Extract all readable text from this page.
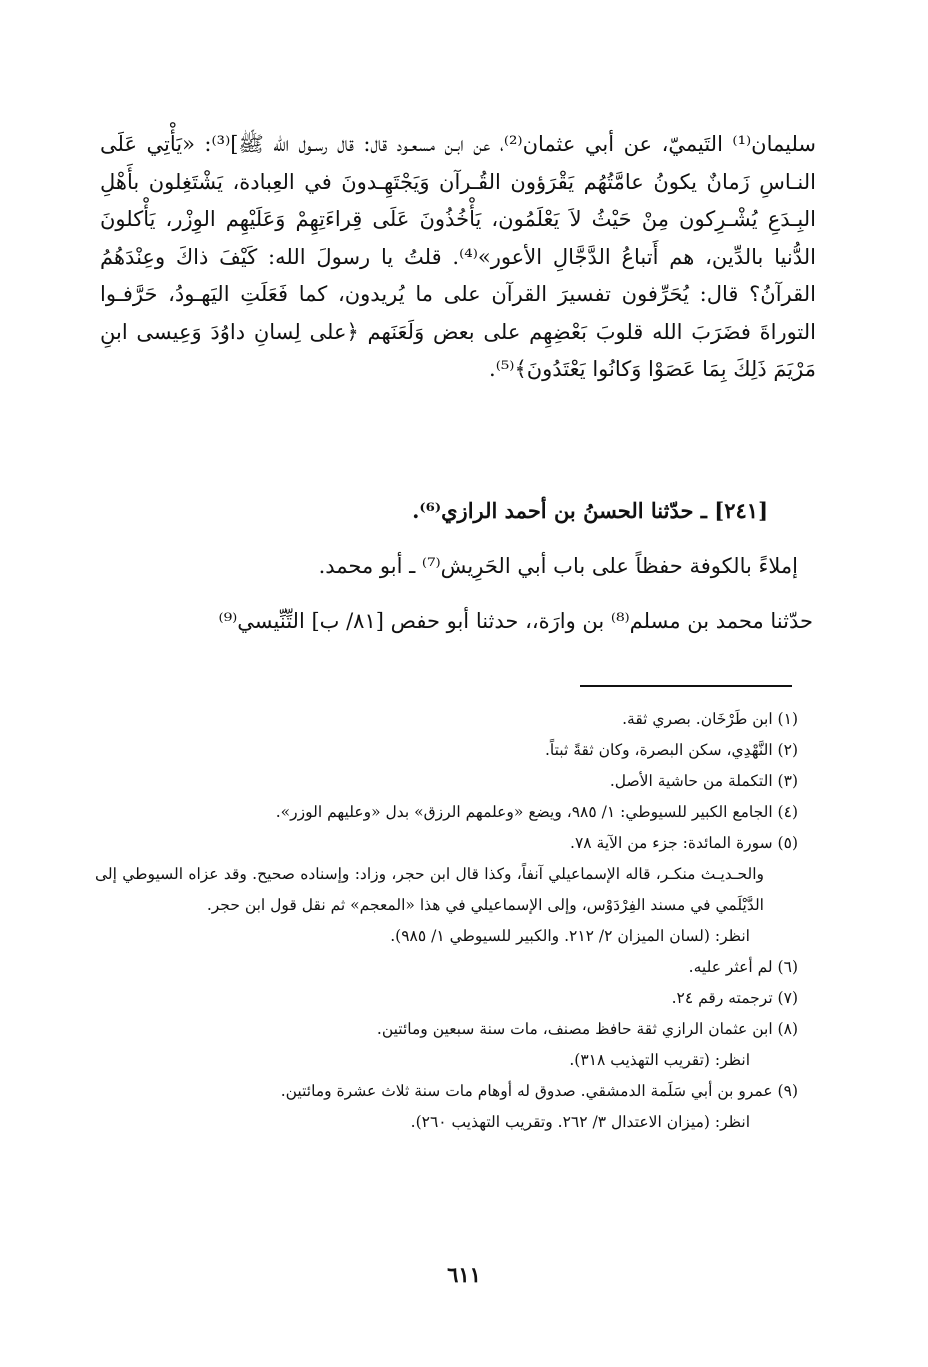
سليمان⁽¹⁾ التَيميّ، عن أبي عثمان⁽²⁾، عن ابـن مسعـود قال: قال رسـول الله ﷺ]⁽³⁾: «يَأْتِي عَلَى النـاسِ زَمانٌ يكونُ عامَّتُهُم يَقْرَؤون القُـرآن وَيَجْتَهِـدونَ في العِبادة، يَشْتَغِلون بأَهْلِ البِـدَعِ يُشْـرِكون مِنْ حَيْثُ لاَ يَعْلَمُون، يَأْخُذُونَ عَلَى قِراءَتِهِمْ وَعَلَيْهِم الوِزْر، يَأْكلونَ الدُّنيا بالدِّين، هم أَتباعُ الدَّجَّالِ الأعور»⁽⁴⁾. قلتُ يا رسولَ الله: كَيْفَ ذاكَ وعِنْدَهُمُ القرآنُ؟ قال: يُحَرِّفون تفسيرَ القرآن على ما يُريدون، كما فَعَلَتِ اليَهـودُ، حَرَّفـوا التوراةَ فضَرَبَ الله قلوبَ بَعْضِهِم على بعض وَلَعَنَهم ﴿على لِسانِ داوُدَ وَعِيسى ابنِ مَرْيَمَ ذَلِكَ بِمَا عَصَوْا وَكانُوا يَعْتَدُونَ﴾⁽⁵⁾.

[٢٤١] ـ حدّثنا الحسنُ بن أحمد الرازي⁽⁶⁾.
إملاءً بالكوفة حفظاً على باب أبي الحَرِيش⁽⁷⁾ ـ أبو محمد.
حدّثنا محمد بن مسلم⁽⁸⁾ بن وارَة،، حدثنا أبو حفص [٨١/ ب] التِّنِّيسي⁽⁹⁾

(١) ابن طَرْخَان. بصري ثقة.

(٢) النَّهْدِي، سكن البصرة، وكان ثقةً ثبتاً.

(٣) التكملة من حاشية الأصل.

(٤) الجامع الكبير للسيوطي: ١/ ٩٨٥، ويضع «وعلمهم الرزق» بدل «وعليهم الوزر».

(٥) سورة المائدة: جزء من الآية ٧٨.

والحـديـث منكـر، قاله الإسماعيلي آنفاً، وكذا قال ابن حجر، وزاد: وإسناده صحيح. وقد عزاه السيوطي إلى الدَّيْلَمي في مسند الفِرْدَوْس، وإلى الإسماعيلي في هذا «المعجم» ثم نقل قول ابن حجر.

انظر: (لسان الميزان ٢/ ٢١٢. والكبير للسيوطي ١/ ٩٨٥).

(٦) لم أعثر عليه.

(٧) ترجمته رقم ٢٤.

(٨) ابن عثمان الرازي ثقة حافظ مصنف، مات سنة سبعين ومائتين.

انظر: (تقريب التهذيب ٣١٨).

(٩) عمرو بن أبي سَلَمة الدمشقي. صدوق له أوهام مات سنة ثلاث عشرة ومائتين.

انظر: (ميزان الاعتدال ٣/ ٢٦٢. وتقريب التهذيب ٢٦٠).

٦١١
